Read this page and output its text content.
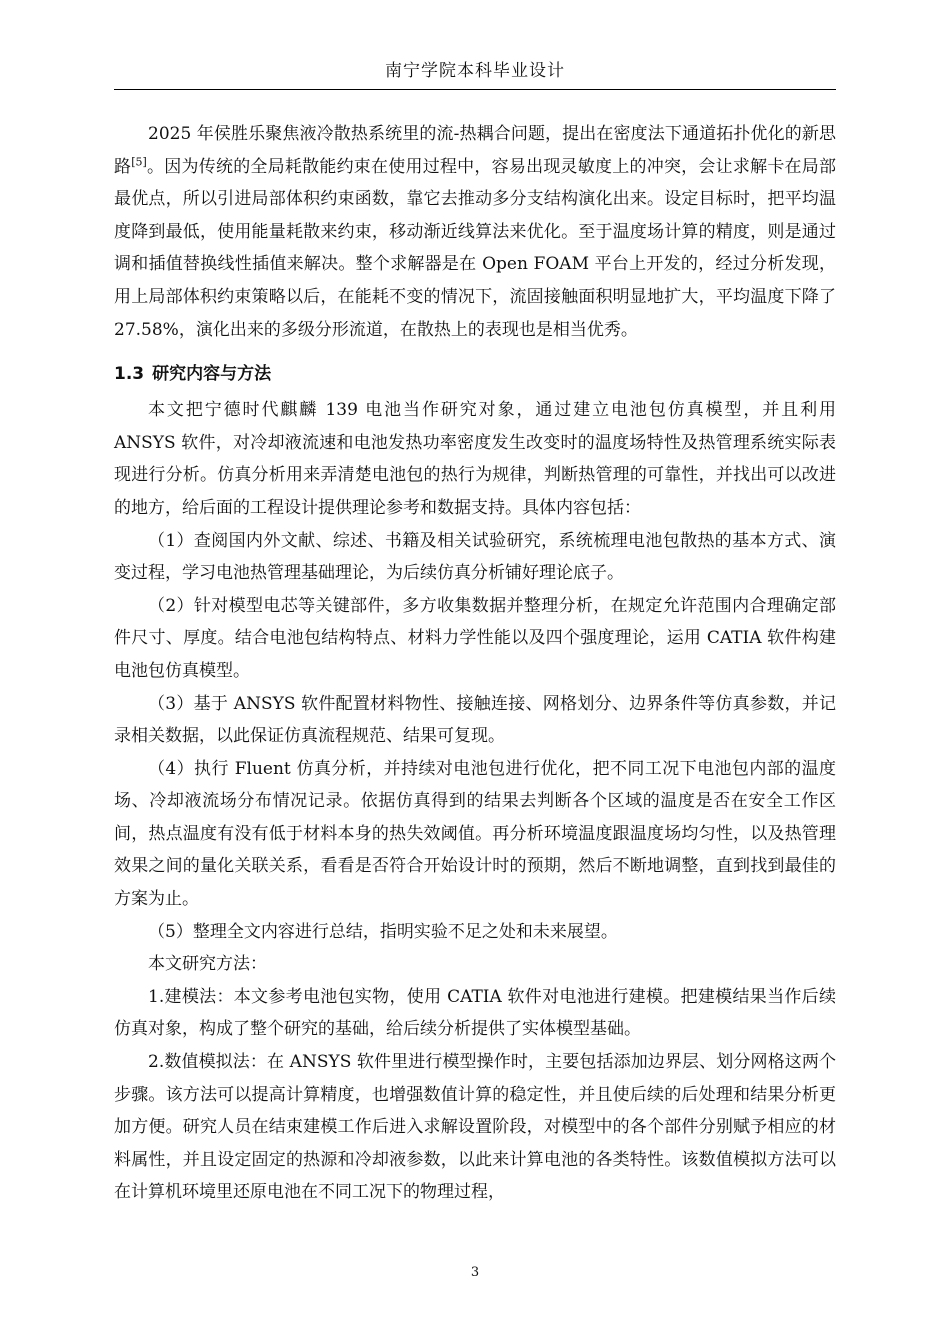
南宁学院本科毕业设计

2025 年侯胜乐聚焦液冷散热系统里的流-热耦合问题，提出在密度法下通道拓扑优化的新思路[5]。因为传统的全局耗散能约束在使用过程中，容易出现灵敏度上的冲突，会让求解卡在局部最优点，所以引进局部体积约束函数，靠它去推动多分支结构演化出来。设定目标时，把平均温度降到最低，使用能量耗散来约束，移动渐近线算法来优化。至于温度场计算的精度，则是通过调和插值替换线性插值来解决。整个求解器是在 Open FOAM 平台上开发的，经过分析发现，用上局部体积约束策略以后，在能耗不变的情况下，流固接触面积明显地扩大，平均温度下降了 27.58%，演化出来的多级分形流道，在散热上的表现也是相当优秀。

1.3 研究内容与方法

本文把宁德时代麒麟 139 电池当作研究对象，通过建立电池包仿真模型，并且利用 ANSYS 软件，对冷却液流速和电池发热功率密度发生改变时的温度场特性及热管理系统实际表现进行分析。仿真分析用来弄清楚电池包的热行为规律，判断热管理的可靠性，并找出可以改进的地方，给后面的工程设计提供理论参考和数据支持。具体内容包括：

（1）查阅国内外文献、综述、书籍及相关试验研究，系统梳理电池包散热的基本方式、演变过程，学习电池热管理基础理论，为后续仿真分析铺好理论底子。

（2）针对模型电芯等关键部件，多方收集数据并整理分析，在规定允许范围内合理确定部件尺寸、厚度。结合电池包结构特点、材料力学性能以及四个强度理论，运用 CATIA 软件构建电池包仿真模型。

（3）基于 ANSYS 软件配置材料物性、接触连接、网格划分、边界条件等仿真参数，并记录相关数据，以此保证仿真流程规范、结果可复现。

（4）执行 Fluent 仿真分析，并持续对电池包进行优化，把不同工况下电池包内部的温度场、冷却液流场分布情况记录。依据仿真得到的结果去判断各个区域的温度是否在安全工作区间，热点温度有没有低于材料本身的热失效阈值。再分析环境温度跟温度场均匀性，以及热管理效果之间的量化关联关系，看看是否符合开始设计时的预期，然后不断地调整，直到找到最佳的方案为止。

（5）整理全文内容进行总结，指明实验不足之处和未来展望。

本文研究方法：

1.建模法：本文参考电池包实物，使用 CATIA 软件对电池进行建模。把建模结果当作后续仿真对象，构成了整个研究的基础，给后续分析提供了实体模型基础。

2.数值模拟法：在 ANSYS 软件里进行模型操作时，主要包括添加边界层、划分网格这两个步骤。该方法可以提高计算精度，也增强数值计算的稳定性，并且使后续的后处理和结果分析更加方便。研究人员在结束建模工作后进入求解设置阶段，对模型中的各个部件分别赋予相应的材料属性，并且设定固定的热源和冷却液参数，以此来计算电池的各类特性。该数值模拟方法可以在计算机环境里还原电池在不同工况下的物理过程，

3
